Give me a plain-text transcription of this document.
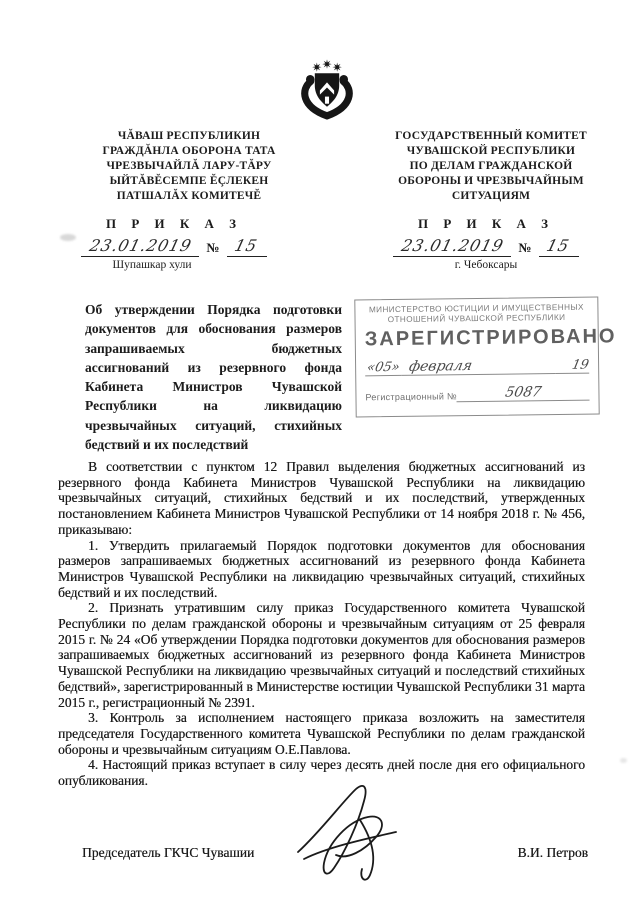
ЧĂВАШ РЕСПУБЛИКИН
ГРАЖДĂНЛА ОБОРОНА ТАТА
ЧРЕЗВЫЧАЙЛĂ ЛАРУ-ТĂРУ
ЫЙТĂВĔСЕМПЕ ĔÇЛЕКЕН
ПАТШАЛĂХ КОМИТЕЧĔ
ГОСУДАРСТВЕННЫЙ КОМИТЕТ
ЧУВАШСКОЙ РЕСПУБЛИКИ
ПО ДЕЛАМ ГРАЖДАНСКОЙ
ОБОРОНЫ И ЧРЕЗВЫЧАЙНЫМ
СИТУАЦИЯМ
П Р И К А З
23.01.2019 № 15
Шупашкар хули
П Р И К А З
23.01.2019 № 15
г. Чебоксары
Об утверждении Порядка подготовки документов для обоснования размеров запрашиваемых бюджетных ассигнований из резервного фонда Кабинета Министров Чувашской Республики на ликвидацию чрезвычайных ситуаций, стихийных бедствий и их последствий
МИНИСТЕРСТВО ЮСТИЦИИ И ИМУЩЕСТВЕННЫХ
ОТНОШЕНИЙ ЧУВАШСКОЙ РЕСПУБЛИКИ
ЗАРЕГИСТРИРОВАНО
«05» февраля	19
Регистрационный №	5087

В соответствии с пунктом 12 Правил выделения бюджетных ассигнований из резервного фонда Кабинета Министров Чувашской Республики на ликвидацию чрезвычайных ситуаций, стихийных бедствий и их последствий, утвержденных постановлением Кабинета Министров Чувашской Республики от 14 ноября 2018 г. № 456, приказываю:

1. Утвердить прилагаемый Порядок подготовки документов для обоснования размеров запрашиваемых бюджетных ассигнований из резервного фонда Кабинета Министров Чувашской Республики на ликвидацию чрезвычайных ситуаций, стихийных бедствий и их последствий.

2. Признать утратившим силу приказ Государственного комитета Чувашской Республики по делам гражданской обороны и чрезвычайным ситуациям от 25 февраля 2015 г. № 24 «Об утверждении Порядка подготовки документов для обоснования размеров запрашиваемых бюджетных ассигнований из резервного фонда Кабинета Министров Чувашской Республики на ликвидацию чрезвычайных ситуаций и последствий стихийных бедствий», зарегистрированный в Министерстве юстиции Чувашской Республики 31 марта 2015 г., регистрационный № 2391.

3. Контроль за исполнением настоящего приказа возложить на заместителя председателя Государственного комитета Чувашской Республики по делам гражданской обороны и чрезвычайным ситуациям О.Е.Павлова.

4. Настоящий приказ вступает в силу через десять дней после дня его официального опубликования.

Председатель ГКЧС Чувашии	В.И. Петров
